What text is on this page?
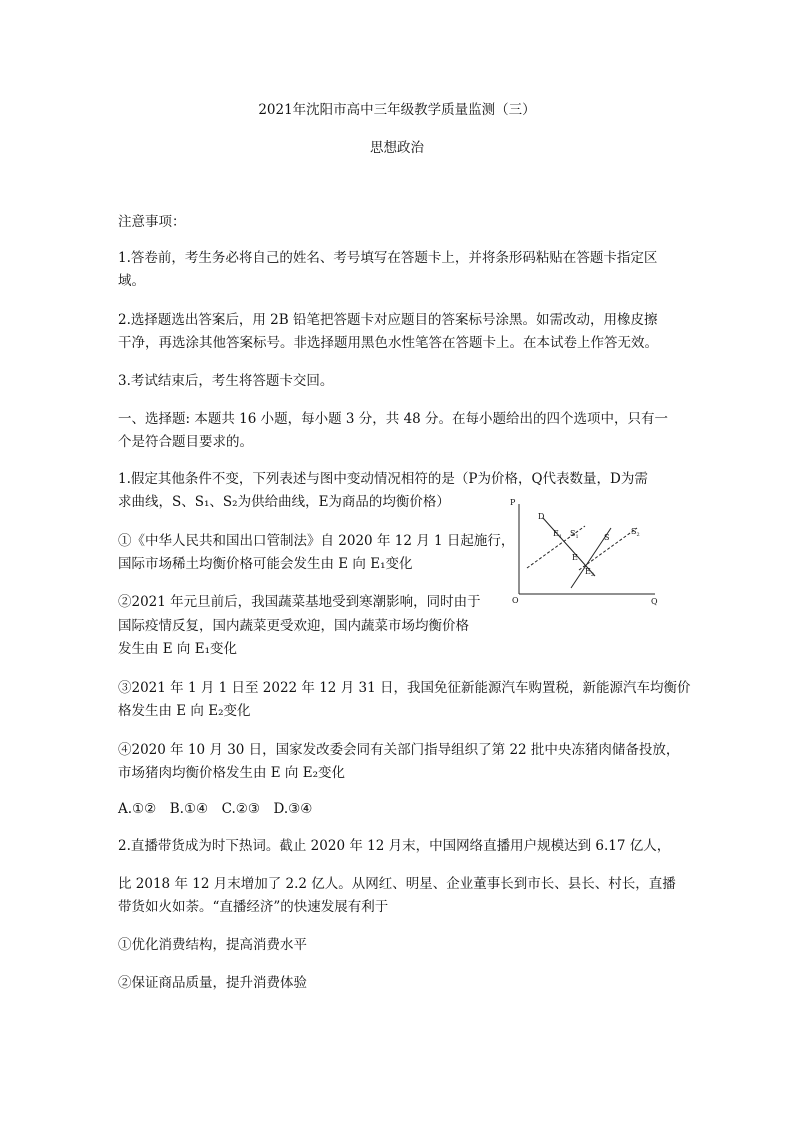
2021年沈阳市高中三年级教学质量监测（三）
思想政治
注意事项：
1.答卷前，考生务必将自己的姓名、考号填写在答题卡上，并将条形码粘贴在答题卡指定区
域。
2.选择题选出答案后，用 2B 铅笔把答题卡对应题目的答案标号涂黑。如需改动，用橡皮擦
干净，再选涂其他答案标号。非选择题用黑色水性笔答在答题卡上。在本试卷上作答无效。
3.考试结束后，考生将答题卡交回。
一、选择题: 本题共 16 小题，每小题 3 分，共 48 分。在每小题给出的四个选项中，只有一
个是符合题目要求的。
1.假定其他条件不变，下列表述与图中变动情况相符的是（P为价格，Q代表数量，D为需
求曲线，S、S₁、S₂为供给曲线，E为商品的均衡价格）
①《中华人民共和国出口管制法》自 2020 年 12 月 1 日起施行，
国际市场稀土均衡价格可能会发生由 E 向 E₁变化
②2021 年元旦前后，我国蔬菜基地受到寒潮影响，同时由于
国际疫情反复，国内蔬菜更受欢迎，国内蔬菜市场均衡价格
发生由 E 向 E₁变化
③2021 年 1 月 1 日至 2022 年 12 月 31 日，我国免征新能源汽车购置税，新能源汽车均衡价
格发生由 E 向 E₂变化
④2020 年 10 月 30 日，国家发改委会同有关部门指导组织了第 22 批中央冻猪肉储备投放，
市场猪肉均衡价格发生由 E 向 E₂变化
A.①②　B.①④　C.②③　D.③④
P
Q
O
D
S
$S_1$
$S_2$
$E_1$
E
$E_2$
2.直播带货成为时下热词。截止 2020 年 12 月末，中国网络直播用户规模达到 6.17 亿人，
比 2018 年 12 月末增加了 2.2 亿人。从网红、明星、企业董事长到市长、县长、村长，直播
带货如火如荼。“直播经济”的快速发展有利于
①优化消费结构，提高消费水平
②保证商品质量，提升消费体验
